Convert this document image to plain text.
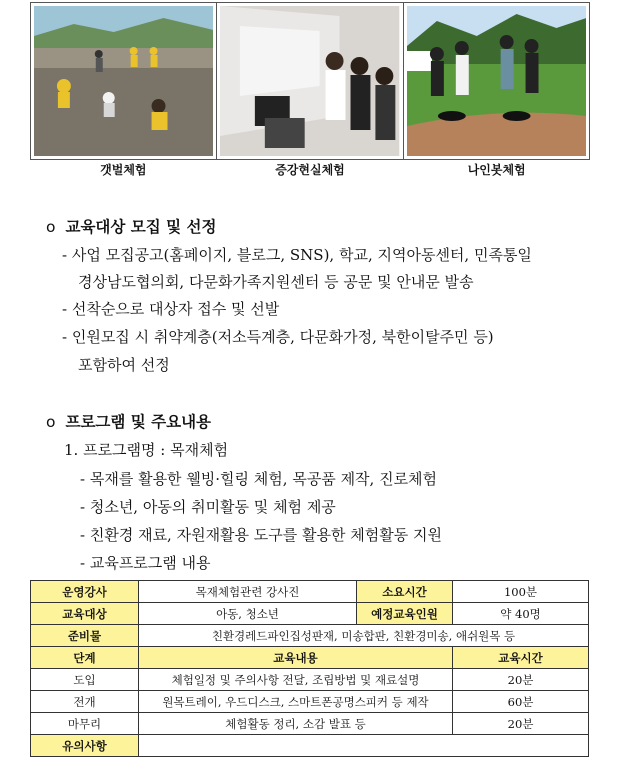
갯벌체험	증강현실체험	나인봇체험
o 교육대상 모집 및 선정
- 사업 모집공고(홈페이지, 블로그, SNS), 학교, 지역아동센터, 민족통일
경상남도협의회, 다문화가족지원센터 등 공문 및 안내문 발송
- 선착순으로 대상자 접수 및 선발
- 인원모집 시 취약계층(저소득계층, 다문화가정, 북한이탈주민 등)
포함하여 선정
o 프로그램 및 주요내용
1. 프로그램명 : 목재체험
- 목재를 활용한 웰빙·힐링 체험, 목공품 제작, 진로체험
- 청소년, 아동의 취미활동 및 체험 제공
- 친환경 재료, 자원재활용 도구를 활용한 체험활동 지원
- 교육프로그램 내용
운영강사	목재체험관련 강사진	소요시간	100분
교육대상	아동, 청소년	예정교육인원	약 40명
준비물	친환경레드파인집성판재, 미송합판, 친환경미송, 애쉬원목 등		
단계	교육내용		교육시간
도입	체험일정 및 주의사항 전달, 조립방법 및 재료설명		20분
전개	원목트레이, 우드디스크, 스마트폰공명스피커 등 제작		60분
마무리	체험활동 정리, 소감 발표 등		20분
유의사항			
